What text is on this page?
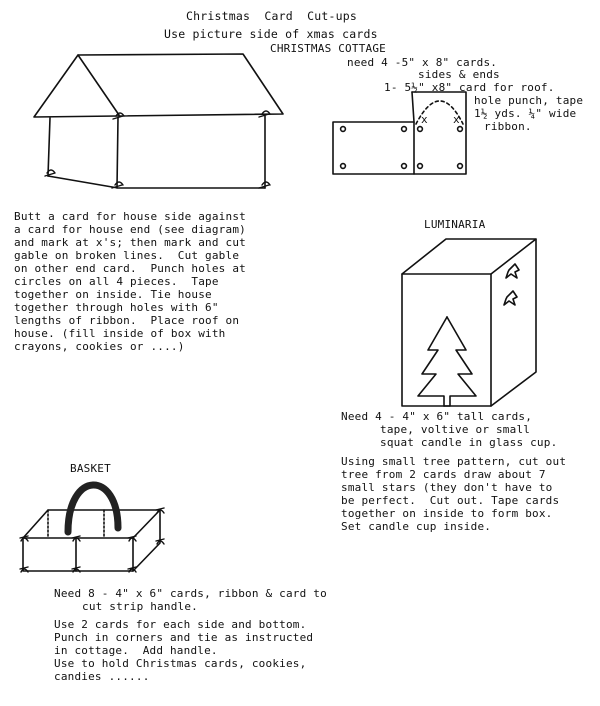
Christmas  Card  Cut-ups
Use picture side of xmas cards
CHRISTMAS COTTAGE
need 4 -5" x 8" cards.
sides & ends
1- 5½" x8" card for roof.
hole punch, tape
1½ yds. ¼" wide
ribbon.
Butt a card for house side against
a card for house end (see diagram)
and mark at x's; then mark and cut
gable on broken lines.  Cut gable
on other end card.  Punch holes at
circles on all 4 pieces.  Tape
together on inside. Tie house
together through holes with 6"
lengths of ribbon.  Place roof on
house. (fill inside of box with
crayons, cookies or ....)
LUMINARIA
Need 4 - 4" x 6" tall cards,
tape, voltive or small
squat candle in glass cup.
Using small tree pattern, cut out
tree from 2 cards draw about 7
small stars (they don't have to
be perfect.  Cut out. Tape cards
together on inside to form box.
Set candle cup inside.
BASKET
Need 8 - 4" x 6" cards, ribbon & card to
cut strip handle.
Use 2 cards for each side and bottom.
Punch in corners and tie as instructed
in cottage.  Add handle.
Use to hold Christmas cards, cookies,
candies ......
x x
